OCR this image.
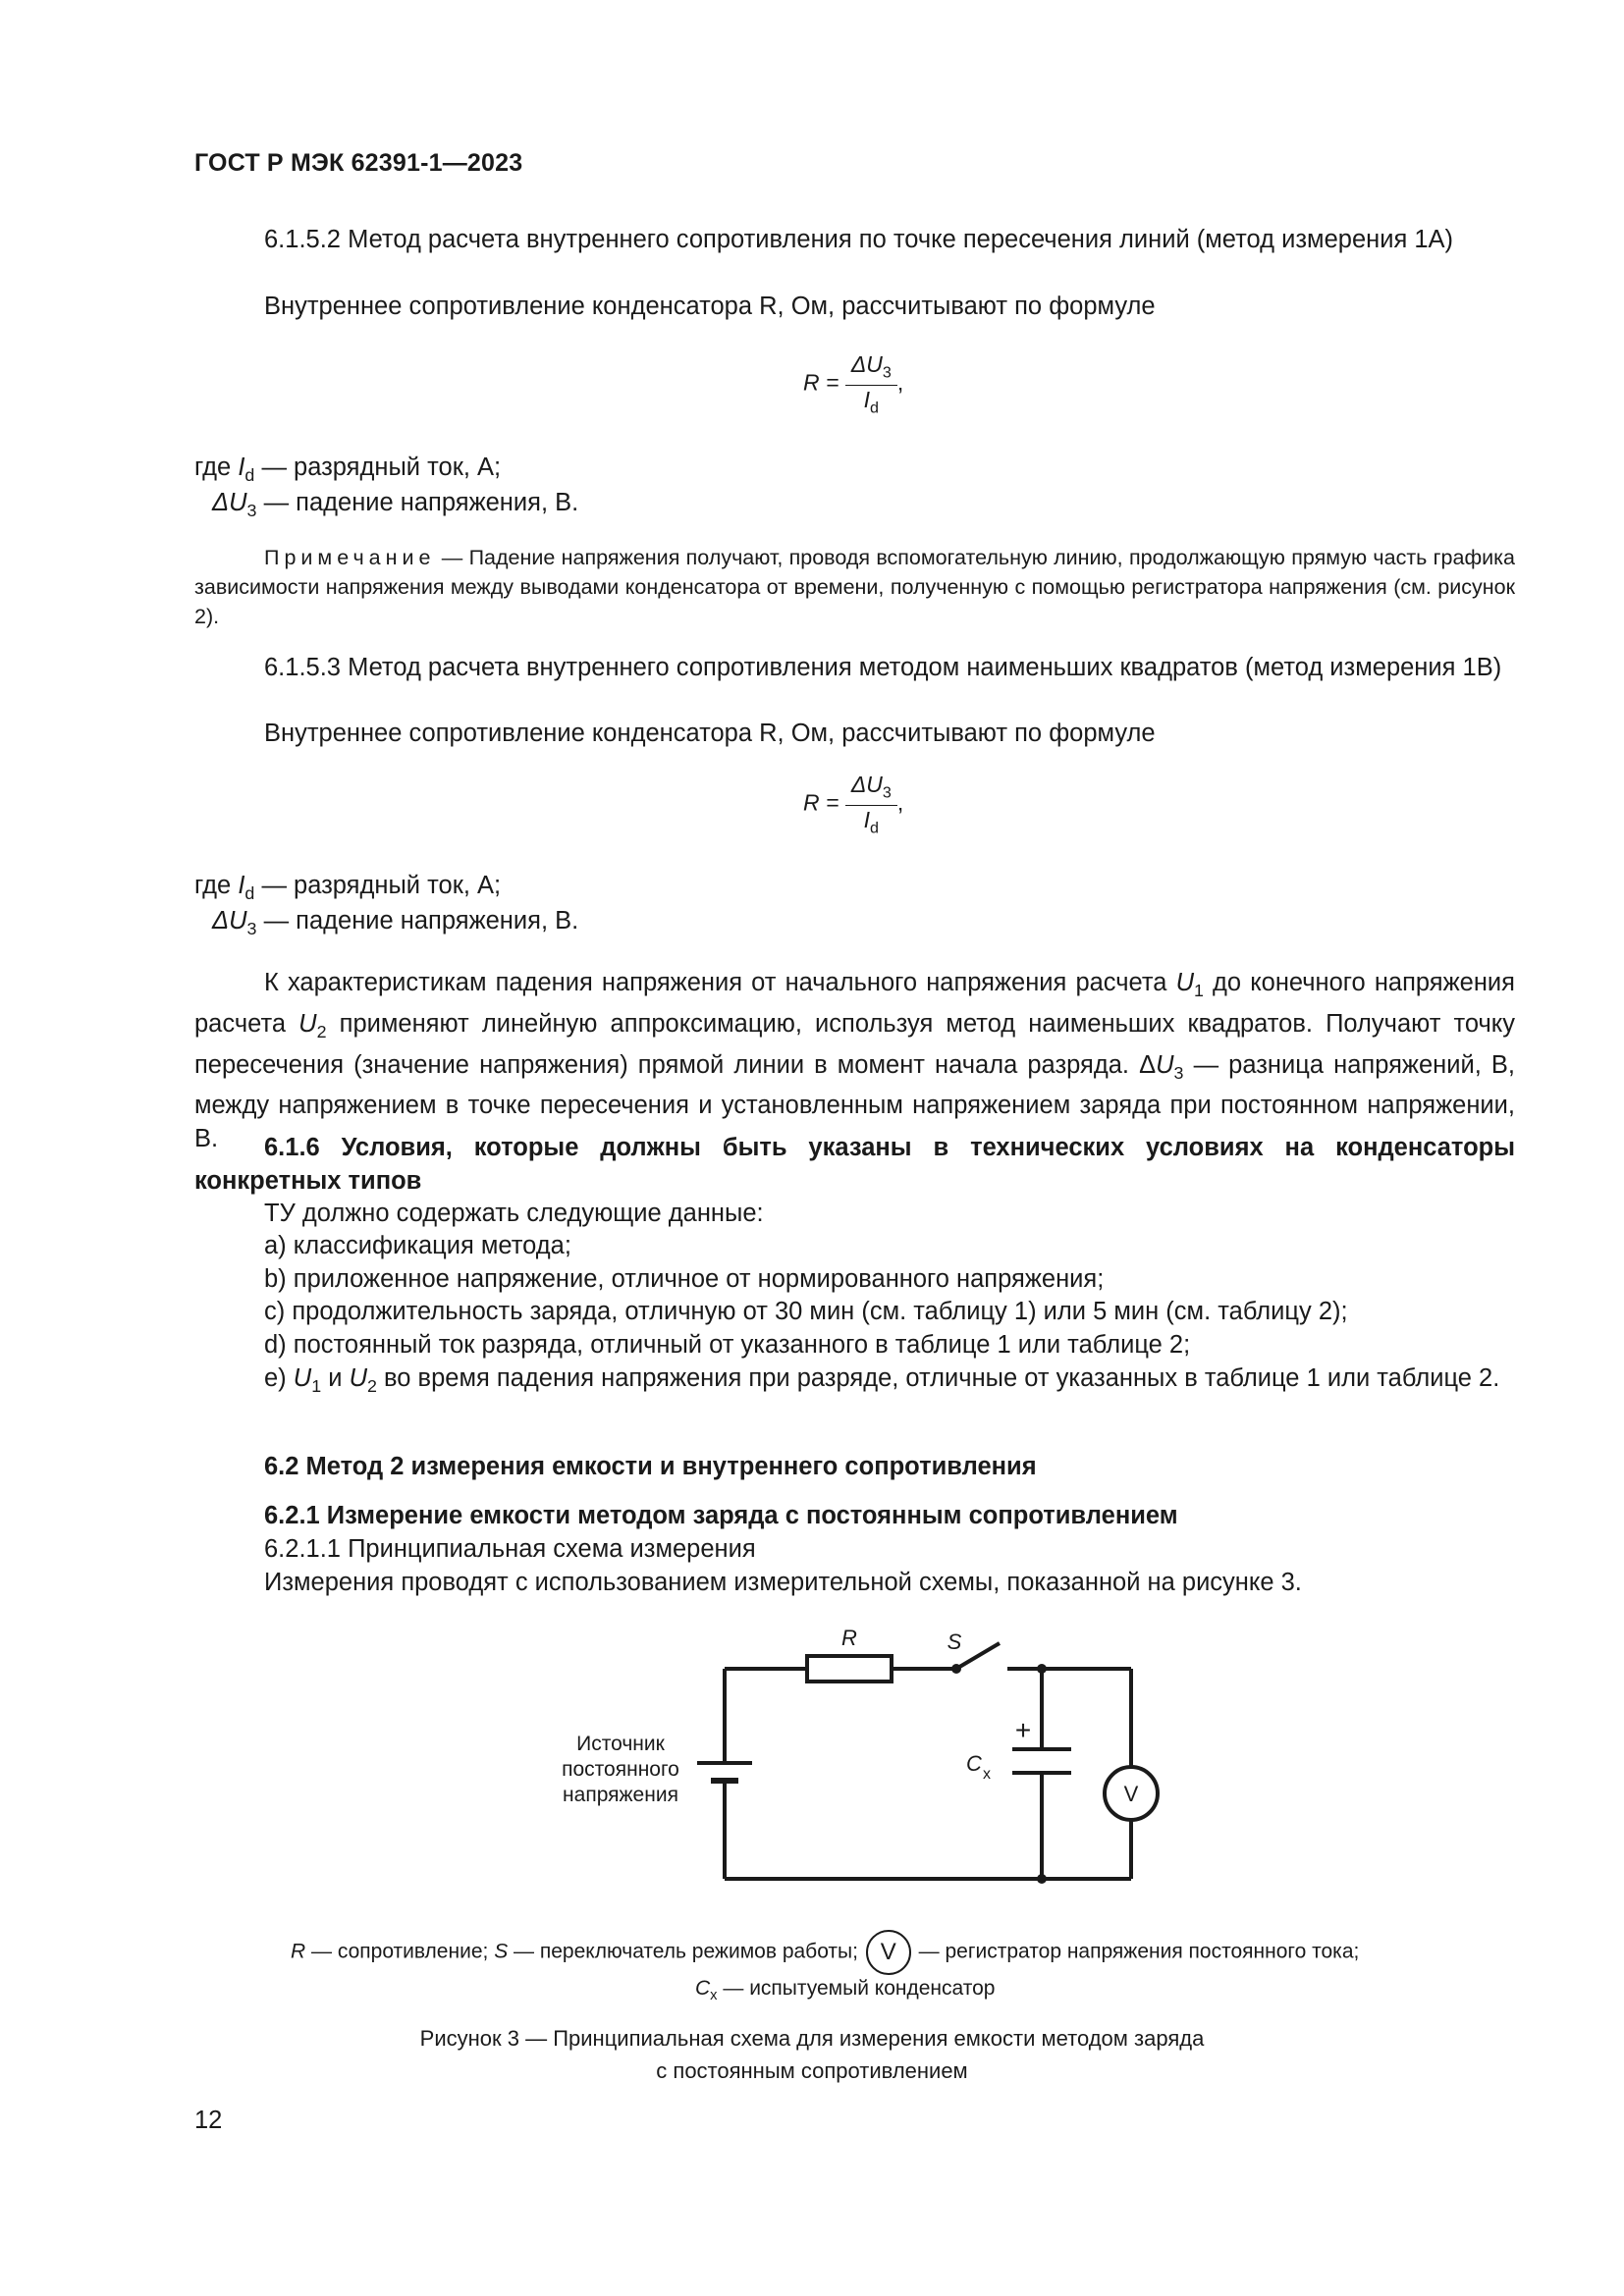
ГОСТ Р МЭК 62391-1—2023
6.1.5.2 Метод расчета внутреннего сопротивления по точке пересечения линий (метод измерения 1А)
Внутреннее сопротивление конденсатора R, Ом, рассчитывают по формуле
$R = \frac{\Delta U_3}{I_d}$ ,
где $I_d$ — разрядный ток, А;
$\Delta U_3$ — падение напряжения, В.
Примечание — Падение напряжения получают, проводя вспомогательную линию, продолжающую прямую часть графика зависимости напряжения между выводами конденсатора от времени, полученную с помощью регистратора напряжения (см. рисунок 2).
6.1.5.3 Метод расчета внутреннего сопротивления методом наименьших квадратов (метод измерения 1В)
Внутреннее сопротивление конденсатора R, Ом, рассчитывают по формуле
$R = \frac{\Delta U_3}{I_d}$ ,
где $I_d$ — разрядный ток, А;
$\Delta U_3$ — падение напряжения, В.
К характеристикам падения напряжения от начального напряжения расчета $U_1$ до конечного напряжения расчета $U_2$ применяют линейную аппроксимацию, используя метод наименьших квадратов. Получают точку пересечения (значение напряжения) прямой линии в момент начала разряда. $\Delta U_3$ — разница напряжений, В, между напряжением в точке пересечения и установленным напряжением заряда при постоянном напряжении, В.	6.1.6 Условия, которые должны быть указаны в технических условиях на конденсаторы конкретных типов
ТУ должно содержать следующие данные:
a) классификация метода;
b) приложенное напряжение, отличное от нормированного напряжения;
c) продолжительность заряда, отличную от 30 мин (см. таблицу 1) или 5 мин (см. таблицу 2);
d) постоянный ток разряда, отличный от указанного в таблице 1 или таблице 2;
e) $U_1$ и $U_2$ во время падения напряжения при разряде, отличные от указанных в таблице 1 или таблице 2.
6.2 Метод 2 измерения емкости и внутреннего сопротивления
6.2.1 Измерение емкости методом заряда с постоянным сопротивлением
6.2.1.1 Принципиальная схема измерения
Измерения проводят с использованием измерительной схемы, показанной на рисунке 3.
R	S
+
C x
V
Источник
постоянного
напряжения
R — сопротивление; S — переключатель режимов работы; V — регистратор напряжения постоянного тока;
$C_x$ — испытуемый конденсатор
Рисунок 3 — Принципиальная схема для измерения емкости методом заряда
с постоянным сопротивлением
12
